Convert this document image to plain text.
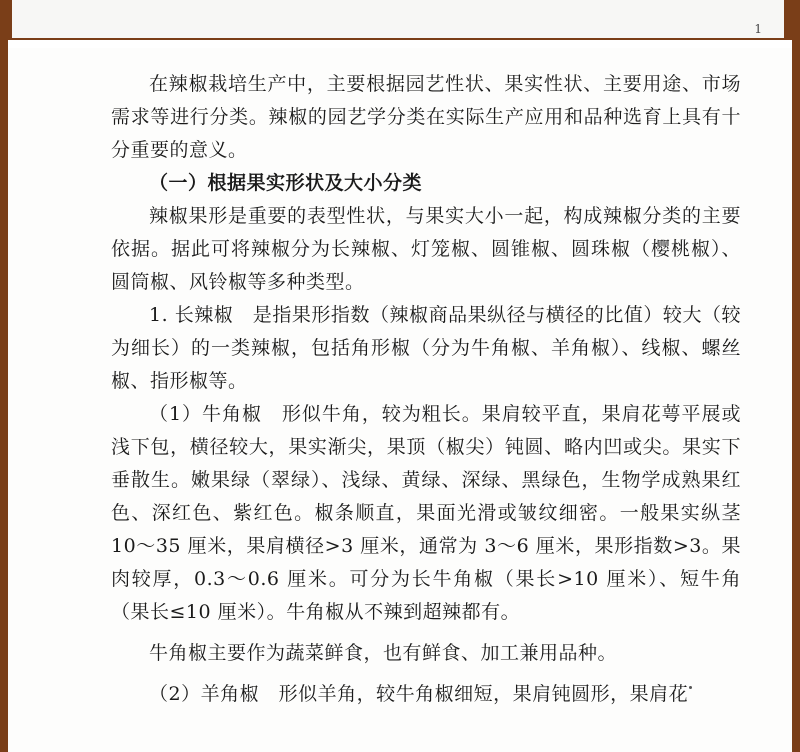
1

在辣椒栽培生产中，主要根据园艺性状、果实性状、主要用途、市场需求等进行分类。辣椒的园艺学分类在实际生产应用和品种选育上具有十分重要的意义。

（一）根据果实形状及大小分类

辣椒果形是重要的表型性状，与果实大小一起，构成辣椒分类的主要依据。据此可将辣椒分为长辣椒、灯笼椒、圆锥椒、圆珠椒（樱桃椒）、圆筒椒、风铃椒等多种类型。

1. 长辣椒　是指果形指数（辣椒商品果纵径与横径的比值）较大（较为细长）的一类辣椒，包括角形椒（分为牛角椒、羊角椒）、线椒、螺丝椒、指形椒等。

（1）牛角椒　形似牛角，较为粗长。果肩较平直，果肩花萼平展或浅下包，横径较大，果实渐尖，果顶（椒尖）钝圆、略内凹或尖。果实下垂散生。嫩果绿（翠绿）、浅绿、黄绿、深绿、黑绿色，生物学成熟果红色、深红色、紫红色。椒条顺直，果面光滑或皱纹细密。一般果实纵茎 10～35 厘米，果肩横径>3 厘米，通常为 3～6 厘米，果形指数>3。果肉较厚，0.3～0.6 厘米。可分为长牛角椒（果长>10 厘米）、短牛角（果长≤10 厘米）。牛角椒从不辣到超辣都有。

牛角椒主要作为蔬菜鲜食，也有鲜食、加工兼用品种。

（2）羊角椒　形似羊角，较牛角椒细短，果肩钝圆形，果肩花
